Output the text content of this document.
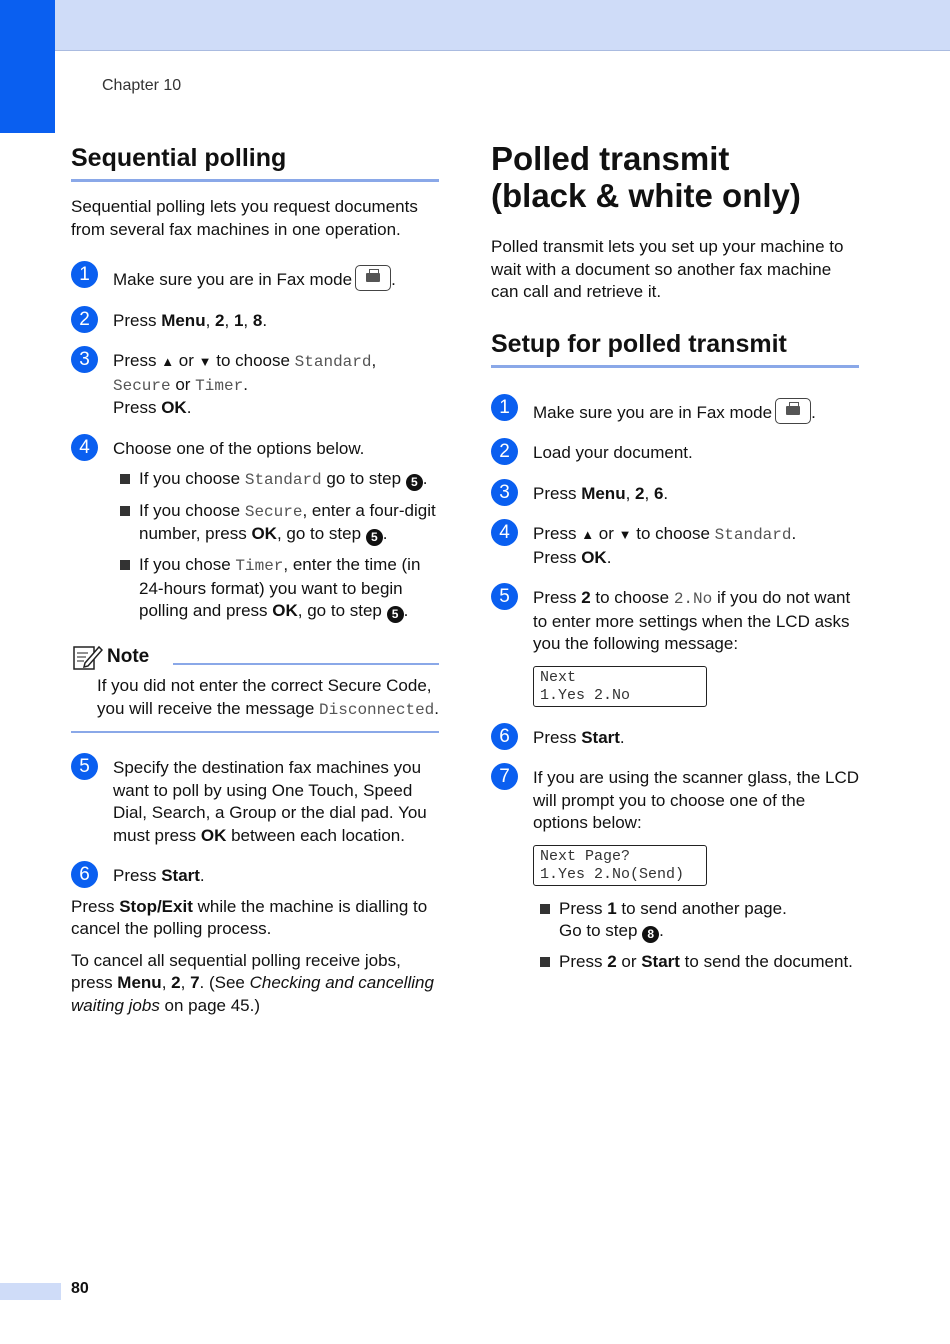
Chapter 10
Sequential polling

Sequential polling lets you request documents from several fax machines in one operation.

1	Make sure you are in Fax mode .
2	Press Menu, 2, 1, 8.
3	Press ▲ or ▼ to choose Standard,
Secure or Timer.
Press OK.
4	Choose one of the options below.
If you choose Standard go to step 5 .
If you choose Secure, enter a four-digit number, press OK, go to step 5 .
If you chose Timer, enter the time (in 24-hours format) you want to begin polling and press OK, go to step 5 .
Note

If you did not enter the correct Secure Code, you will receive the message Disconnected.

5	Specify the destination fax machines you want to poll by using One Touch, Speed Dial, Search, a Group or the dial pad. You must press OK between each location.
6	Press Start.

Press Stop/Exit while the machine is dialling to cancel the polling process.

To cancel all sequential polling receive jobs, press Menu, 2, 7. (See Checking and cancelling waiting jobs on page 45.)

Polled transmit
(black & white only)

Polled transmit lets you set up your machine to wait with a document so another fax machine can call and retrieve it.

Setup for polled transmit
1	Make sure you are in Fax mode .
2	Load your document.
3	Press Menu, 2, 6.
4	Press ▲ or ▼ to choose Standard.
Press OK.
5	Press 2 to choose 2.No if you do not want to enter more settings when the LCD asks you the following message:
Next
1.Yes 2.No
6	Press Start.
7	If you are using the scanner glass, the LCD will prompt you to choose one of the options below:
Next Page?
1.Yes 2.No(Send)
Press 1 to send another page.
Go to step 8 .
Press 2 or Start to send the document.
80
